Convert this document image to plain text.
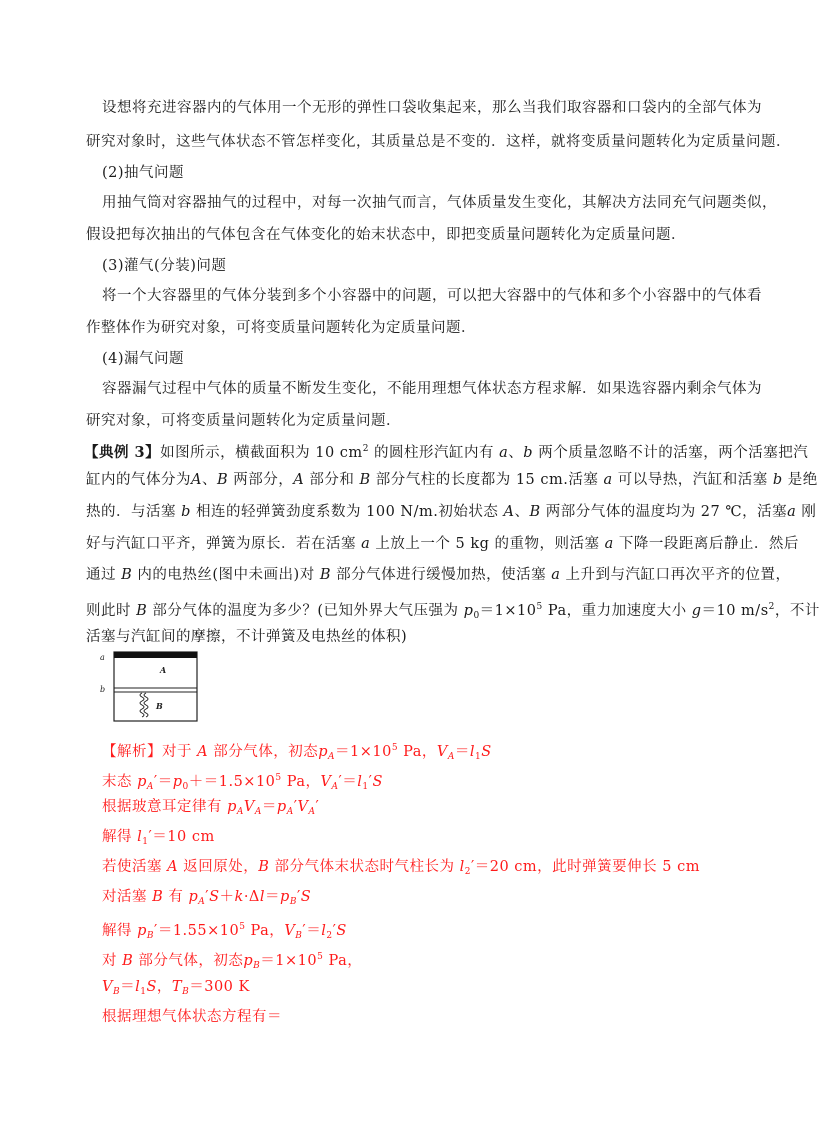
设想将充进容器内的气体用一个无形的弹性口袋收集起来，那么当我们取容器和口袋内的全部气体为
研究对象时，这些气体状态不管怎样变化，其质量总是不变的．这样，就将变质量问题转化为定质量问题．
(2)抽气问题
用抽气筒对容器抽气的过程中，对每一次抽气而言，气体质量发生变化，其解决方法同充气问题类似，
假设把每次抽出的气体包含在气体变化的始末状态中，即把变质量问题转化为定质量问题．
(3)灌气(分装)问题
将一个大容器里的气体分装到多个小容器中的问题，可以把大容器中的气体和多个小容器中的气体看
作整体作为研究对象，可将变质量问题转化为定质量问题．
(4)漏气问题
容器漏气过程中气体的质量不断发生变化，不能用理想气体状态方程求解．如果选容器内剩余气体为
研究对象，可将变质量问题转化为定质量问题．
【典例 3】如图所示，横截面积为 10 $cm^2$ 的圆柱形汽缸内有 a、b 两个质量忽略不计的活塞，两个活塞把汽
缸内的气体分为A、B 两部分，A 部分和 B 部分气柱的长度都为 15 cm.活塞 a 可以导热，汽缸和活塞 b 是绝
热的．与活塞 b 相连的轻弹簧劲度系数为 100 N/m.初始状态 A、B 两部分气体的温度均为 27 ℃，活塞a 刚
好与汽缸口平齐，弹簧为原长．若在活塞 a 上放上一个 5 kg 的重物，则活塞 a 下降一段距离后静止．然后
通过 B 内的电热丝(图中未画出)对 B 部分气体进行缓慢加热，使活塞 a 上升到与汽缸口再次平齐的位置，
则此时 B 部分气体的温度为多少？(已知外界大气压强为 $p_0=1\times 10^5$ Pa，重力加速度大小 g＝10 $m/s^2$，不计
活塞与汽缸间的摩擦，不计弹簧及电热丝的体积)
a
b
A
B
【解析】对于 A 部分气体，初态$p_A=1\times 10^5$ Pa，$V_A=l_1S$
末态 $p_A'=p_0+=1.5\times 10^5$ Pa，$V_A'=l_1'S$
根据玻意耳定律有 $p_AV_A=p_A'V_A'$
解得 $l_1'=10$ cm
若使活塞 A 返回原处，B 部分气体末状态时气柱长为 $l_2'=20$ cm，此时弹簧要伸长 5 cm
对活塞 B 有 $p_A'S+k\cdot\Delta l=p_B'S$
解得 $p_B'=1.55\times 10^5$ Pa，$V_B'=l_2'S$
对 B 部分气体，初态$p_B=1\times 10^5$ Pa，
$V_B=l_1S$，$T_B=300$ K
根据理想气体状态方程有＝
